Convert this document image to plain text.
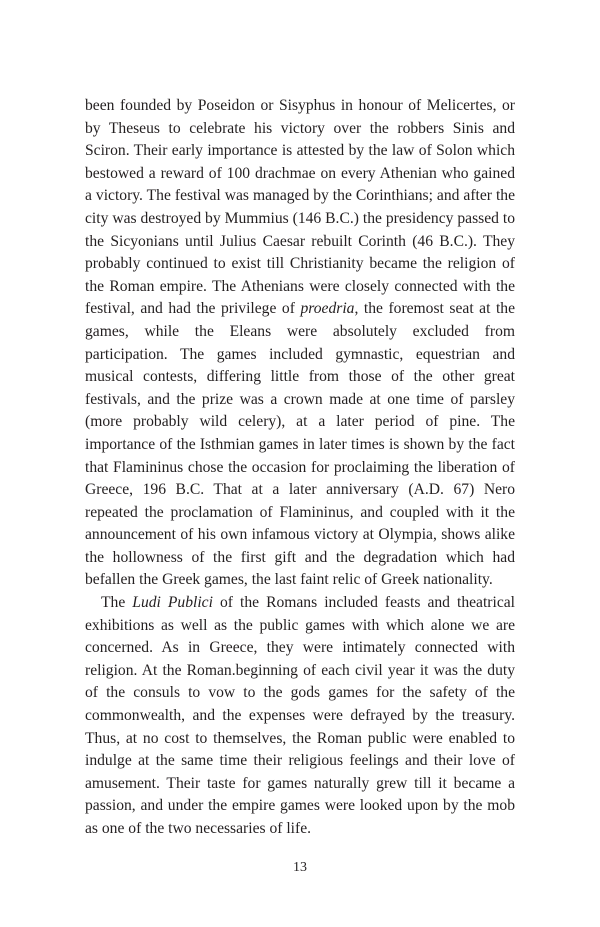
been founded by Poseidon or Sisyphus in honour of Melicertes, or by Theseus to celebrate his victory over the robbers Sinis and Sciron. Their early importance is attested by the law of Solon which bestowed a reward of 100 drachmae on every Athenian who gained a victory. The festival was managed by the Corinthians; and after the city was destroyed by Mummius (146 B.C.) the presidency passed to the Sicyonians until Julius Caesar rebuilt Corinth (46 B.C.). They probably continued to exist till Christianity became the religion of the Roman empire. The Athenians were closely connected with the festival, and had the privilege of proedria, the foremost seat at the games, while the Eleans were absolutely excluded from participation. The games included gymnastic, equestrian and musical contests, differing little from those of the other great festivals, and the prize was a crown made at one time of parsley (more probably wild celery), at a later period of pine. The importance of the Isthmian games in later times is shown by the fact that Flamininus chose the occasion for proclaiming the liberation of Greece, 196 B.C. That at a later anniversary (A.D. 67) Nero repeated the proclamation of Flamininus, and coupled with it the announcement of his own infamous victory at Olympia, shows alike the hollowness of the first gift and the degradation which had befallen the Greek games, the last faint relic of Greek nationality.

The Ludi Publici of the Romans included feasts and theatrical exhibitions as well as the public games with which alone we are concerned. As in Greece, they were intimately connected with religion. At the Roman.beginning of each civil year it was the duty of the consuls to vow to the gods games for the safety of the commonwealth, and the expenses were defrayed by the treasury. Thus, at no cost to themselves, the Roman public were enabled to indulge at the same time their religious feelings and their love of amusement. Their taste for games naturally grew till it became a passion, and under the empire games were looked upon by the mob as one of the two necessaries of life.

13
